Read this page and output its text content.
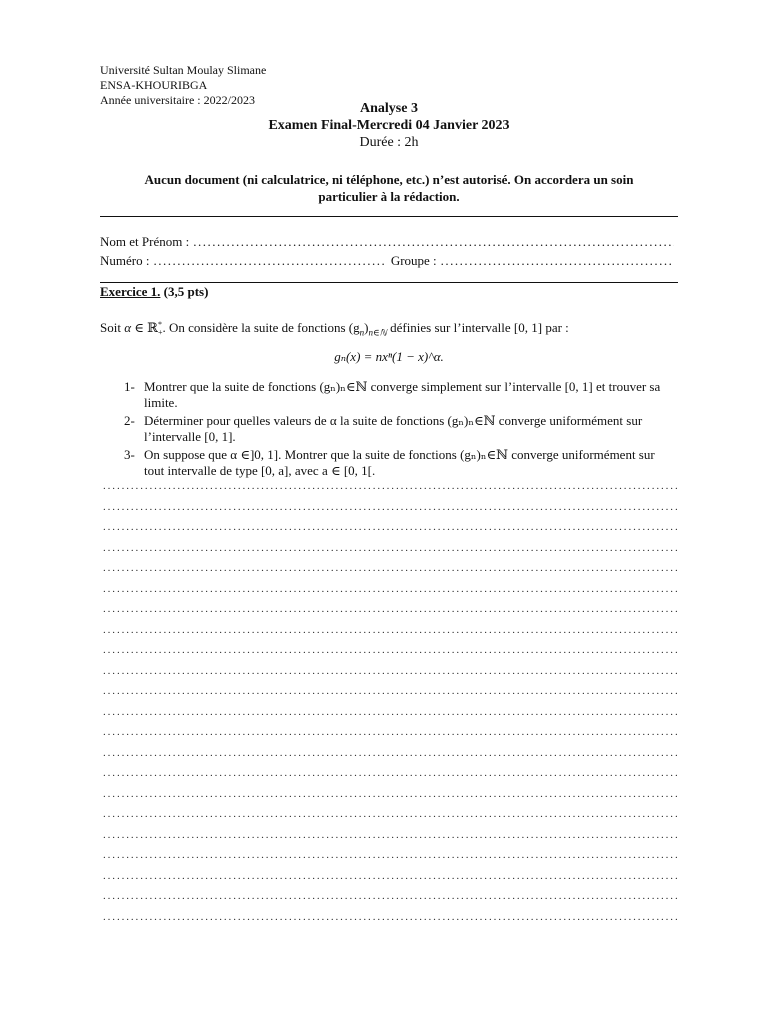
Université Sultan Moulay Slimane
ENSA-KHOURIBGA
Année universitaire : 2022/2023
Analyse 3
Examen Final-Mercredi 04 Janvier 2023
Durée : 2h
Aucun document (ni calculatrice, ni téléphone, etc.) n’est autorisé. On accordera un soin particulier à la rédaction.
Nom et Prénom :
.....
Numéro :
.....	Groupe :
.....
Exercice 1. (3,5 pts)
Soit α ∈ ℝ *
+ . On considère la suite de fonctions $(g_n)_{n\in ℕ}$ définies sur l’intervalle [0, 1] par :
gₙ(x) = nxⁿ(1 − x)^α.
1- Montrer que la suite de fonctions (gₙ)ₙ∈ℕ converge simplement sur l’intervalle [0, 1] et trouver sa limite.
2- Déterminer pour quelles valeurs de α la suite de fonctions (gₙ)ₙ∈ℕ converge uniformément sur l’intervalle [0, 1].
3- On suppose que α ∈]0, 1]. Montrer que la suite de fonctions (gₙ)ₙ∈ℕ converge uniformément sur tout intervalle de type [0, a], avec a ∈ [0, 1[.
.....
.....
.....
.....
.....
.....
.....
.....
.....
.....
.....
.....
.....
.....
.....
.....
.....
.....
.....
.....
.....
.....
